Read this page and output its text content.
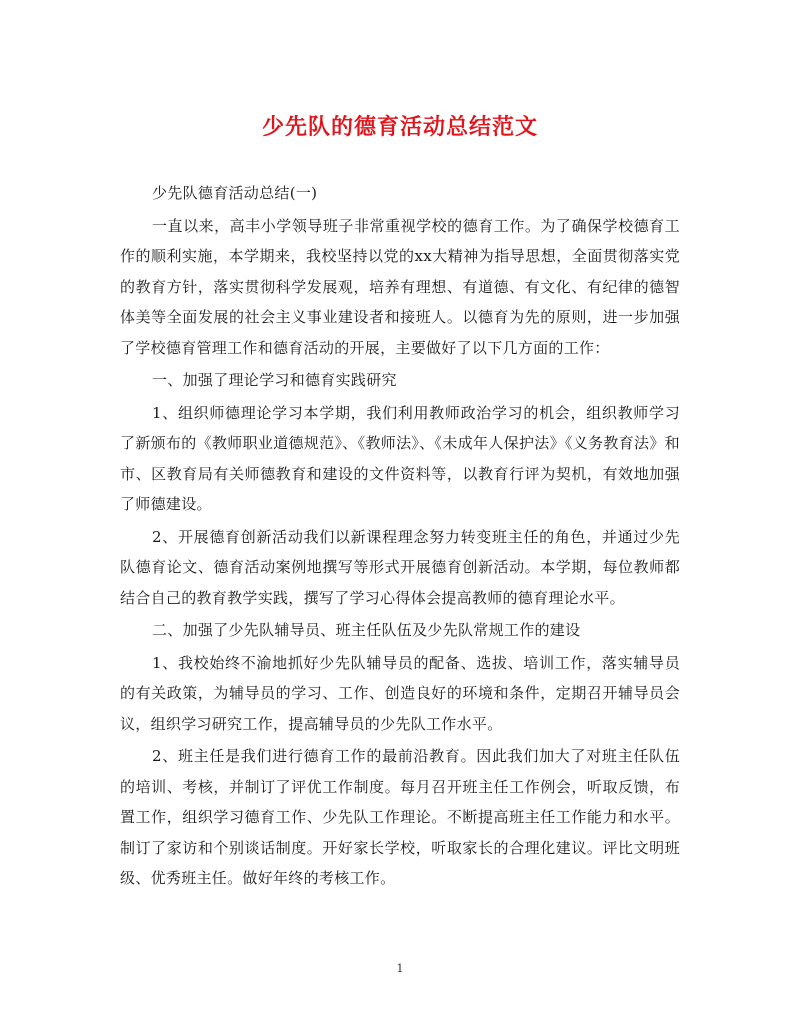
少先队的德育活动总结范文

少先队德育活动总结(一)

一直以来，高丰小学领导班子非常重视学校的德育工作。为了确保学校德育工作的顺利实施，本学期来，我校坚持以党的xx大精神为指导思想，全面贯彻落实党的教育方针，落实贯彻科学发展观，培养有理想、有道德、有文化、有纪律的德智体美等全面发展的社会主义事业建设者和接班人。以德育为先的原则，进一步加强了学校德育管理工作和德育活动的开展，主要做好了以下几方面的工作：

一、加强了理论学习和德育实践研究

1、组织师德理论学习本学期，我们利用教师政治学习的机会，组织教师学习了新颁布的《教师职业道德规范》、《教师法》、《未成年人保护法》《义务教育法》和市、区教育局有关师德教育和建设的文件资料等，以教育行评为契机，有效地加强了师德建设。

2、开展德育创新活动我们以新课程理念努力转变班主任的角色，并通过少先队德育论文、德育活动案例地撰写等形式开展德育创新活动。本学期，每位教师都结合自己的教育教学实践，撰写了学习心得体会提高教师的德育理论水平。

二、加强了少先队辅导员、班主任队伍及少先队常规工作的建设

1、我校始终不渝地抓好少先队辅导员的配备、选拔、培训工作，落实辅导员的有关政策，为辅导员的学习、工作、创造良好的环境和条件，定期召开辅导员会议，组织学习研究工作，提高辅导员的少先队工作水平。

2、班主任是我们进行德育工作的最前沿教育。因此我们加大了对班主任队伍的培训、考核，并制订了评优工作制度。每月召开班主任工作例会，听取反馈，布置工作，组织学习德育工作、少先队工作理论。不断提高班主任工作能力和水平。制订了家访和个别谈话制度。开好家长学校，听取家长的合理化建议。评比文明班级、优秀班主任。做好年终的考核工作。

1
